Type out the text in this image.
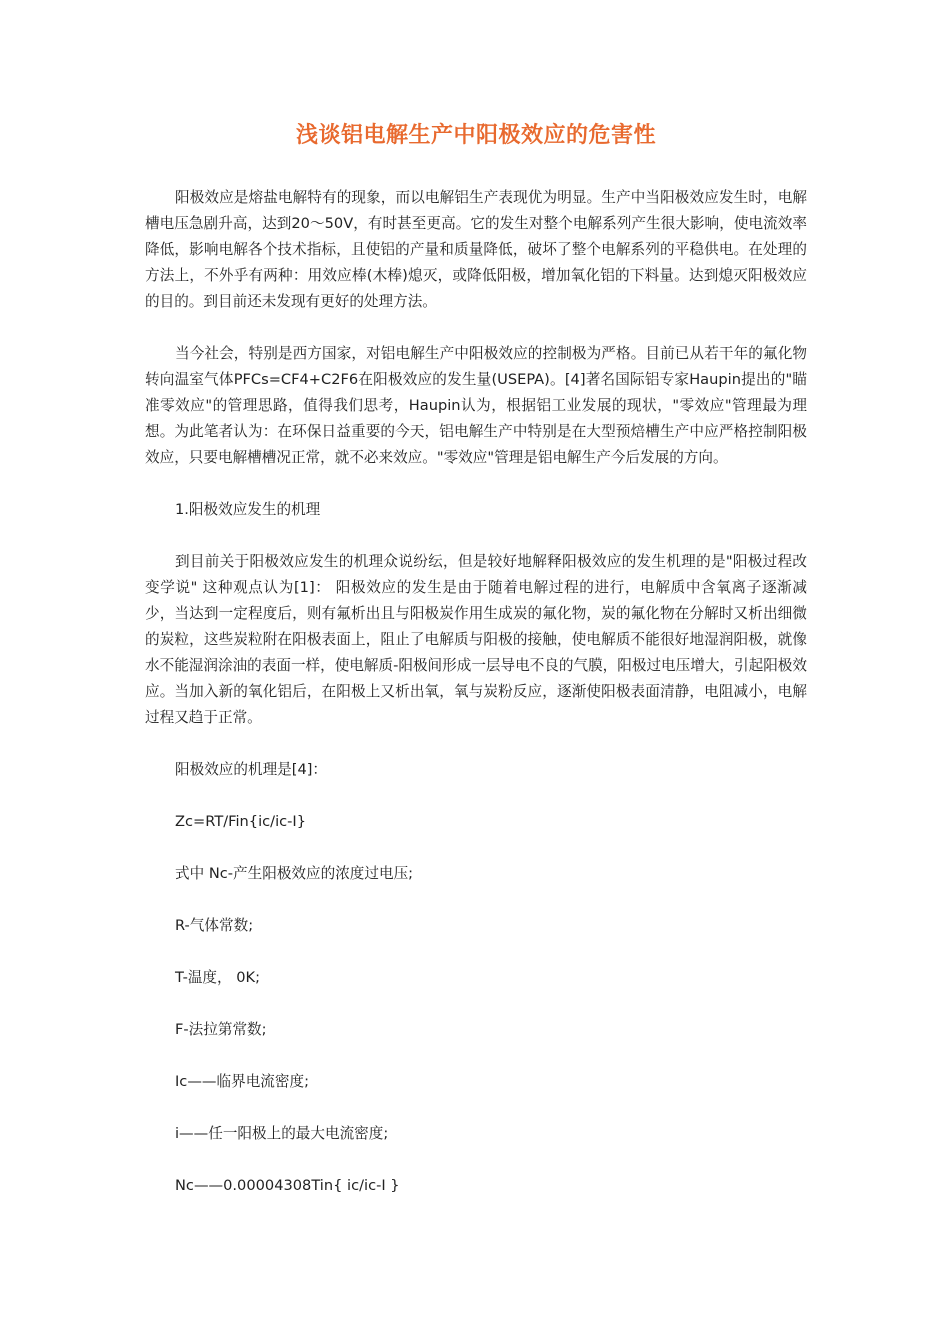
浅谈铝电解生产中阳极效应的危害性

阳极效应是熔盐电解特有的现象，而以电解铝生产表现优为明显。生产中当阳极效应发生时，电解槽电压急剧升高，达到20～50V，有时甚至更高。它的发生对整个电解系列产生很大影响，使电流效率降低，影响电解各个技术指标，且使铝的产量和质量降低，破坏了整个电解系列的平稳供电。在处理的方法上，不外乎有两种：用效应棒(木棒)熄灭，或降低阳极，增加氧化铝的下料量。达到熄灭阳极效应的目的。到目前还未发现有更好的处理方法。

当今社会，特别是西方国家，对铝电解生产中阳极效应的控制极为严格。目前已从若干年的氟化物转向温室气体PFCs=CF4+C2F6在阳极效应的发生量(USEPA)。[4]著名国际铝专家Haupin提出的"瞄准零效应"的管理思路，值得我们思考，Haupin认为，根据铝工业发展的现状，"零效应"管理最为理想。为此笔者认为：在环保日益重要的今天，铝电解生产中特别是在大型预焙槽生产中应严格控制阳极效应，只要电解槽槽况正常，就不必来效应。"零效应"管理是铝电解生产今后发展的方向。

1.阳极效应发生的机理

到目前关于阳极效应发生的机理众说纷纭，但是较好地解释阳极效应的发生机理的是"阳极过程改变学说" 这种观点认为[1]： 阳极效应的发生是由于随着电解过程的进行，电解质中含氧离子逐渐减少，当达到一定程度后，则有氟析出且与阳极炭作用生成炭的氟化物，炭的氟化物在分解时又析出细微的炭粒，这些炭粒附在阳极表面上，阻止了电解质与阳极的接触，使电解质不能很好地湿润阳极，就像水不能湿润涂油的表面一样，使电解质-阳极间形成一层导电不良的气膜，阳极过电压增大，引起阳极效应。当加入新的氧化铝后，在阳极上又析出氧，氧与炭粉反应，逐渐使阳极表面清静，电阻减小，电解过程又趋于正常。

阳极效应的机理是[4]：

Zc=RT/Fin{ic/ic-I}

式中 Nc-产生阳极效应的浓度过电压;

R-气体常数;

T-温度， 0K;

F-法拉第常数;

Ic——临界电流密度;

i——任一阳极上的最大电流密度;

Nc——0.00004308Tin{ ic/ic-I }
